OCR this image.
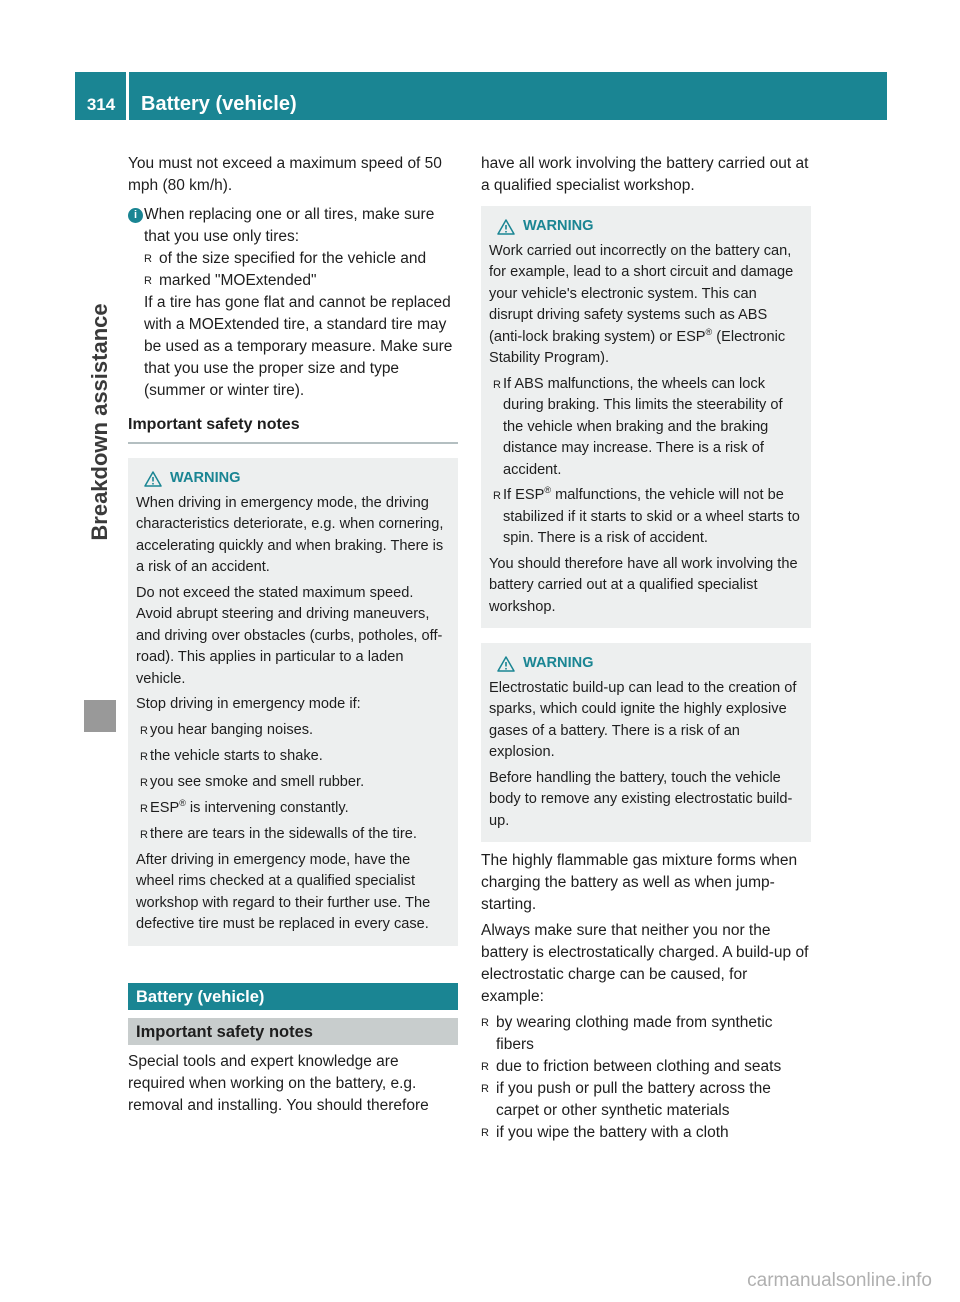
314	Battery (vehicle)
Breakdown assistance

You must not exceed a maximum speed of 50 mph (80 km/h).

i When replacing one or all tires, make sure that you use only tires:

R of the size specified for the vehicle and
R marked "MOExtended"

If a tire has gone flat and cannot be replaced with a MOExtended tire, a standard tire may be used as a temporary measure. Make sure that you use the proper size and type (summer or winter tire).

Important safety notes
WARNING

When driving in emergency mode, the driving characteristics deteriorate, e.g. when cornering, accelerating quickly and when braking. There is a risk of an accident.

Do not exceed the stated maximum speed. Avoid abrupt steering and driving maneuvers, and driving over obstacles (curbs, potholes, off-road). This applies in particular to a laden vehicle.

Stop driving in emergency mode if:

R you hear banging noises.
R the vehicle starts to shake.
R you see smoke and smell rubber.
R ESP® is intervening constantly.
R there are tears in the sidewalls of the tire.

After driving in emergency mode, have the wheel rims checked at a qualified specialist workshop with regard to their further use. The defective tire must be replaced in every case.

Battery (vehicle)
Important safety notes

Special tools and expert knowledge are required when working on the battery, e.g. removal and installing. You should therefore

have all work involving the battery carried out at a qualified specialist workshop.

WARNING

Work carried out incorrectly on the battery can, for example, lead to a short circuit and damage your vehicle's electronic system. This can disrupt driving safety systems such as ABS (anti-lock braking system) or ESP® (Electronic Stability Program).

R If ABS malfunctions, the wheels can lock during braking. This limits the steerability of the vehicle when braking and the braking distance may increase. There is a risk of accident.
R If ESP® malfunctions, the vehicle will not be stabilized if it starts to skid or a wheel starts to spin. There is a risk of accident.

You should therefore have all work involving the battery carried out at a qualified specialist workshop.

WARNING

Electrostatic build-up can lead to the creation of sparks, which could ignite the highly explosive gases of a battery. There is a risk of an explosion.

Before handling the battery, touch the vehicle body to remove any existing electrostatic build-up.

The highly flammable gas mixture forms when charging the battery as well as when jump-starting.

Always make sure that neither you nor the battery is electrostatically charged. A build-up of electrostatic charge can be caused, for example:

R by wearing clothing made from synthetic fibers
R due to friction between clothing and seats
R if you push or pull the battery across the carpet or other synthetic materials
R if you wipe the battery with a cloth
carmanualsonline.info
